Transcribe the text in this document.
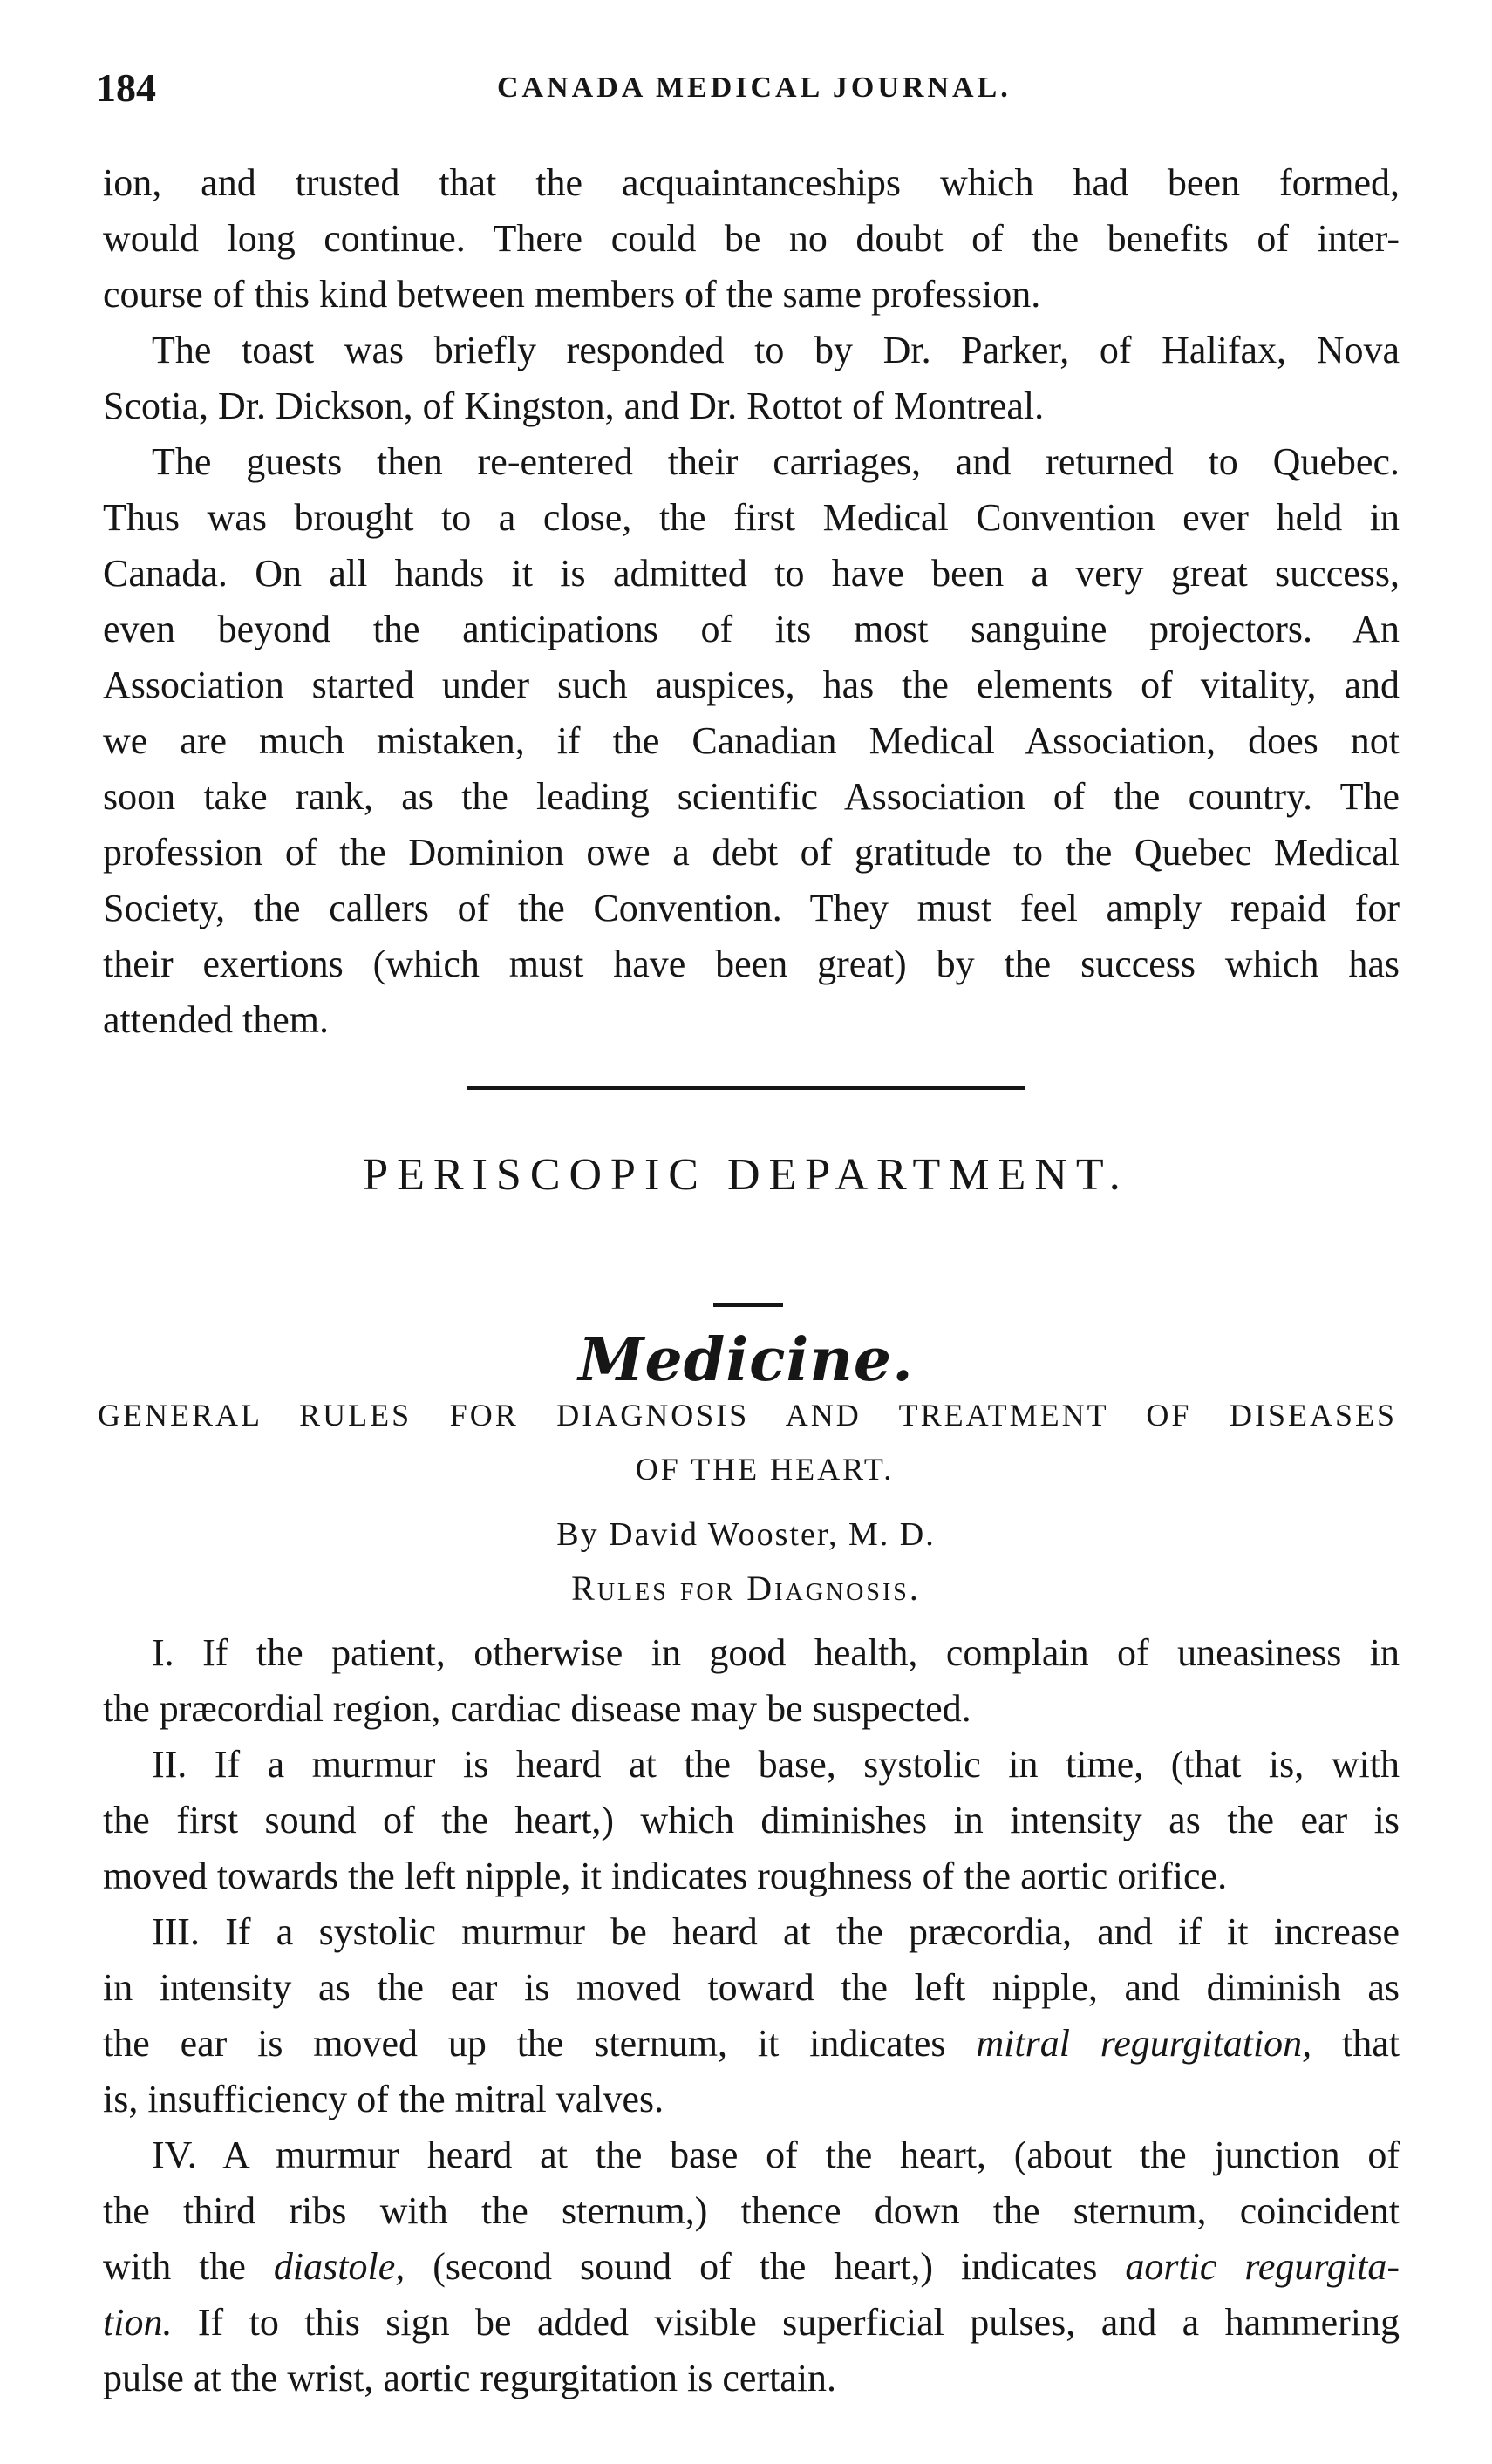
184	CANADA MEDICAL JOURNAL.

ion, and trusted that the acquaintanceships which had been formed,
would long continue. There could be no doubt of the benefits of inter-
course of this kind between members of the same profession.

The toast was briefly responded to by Dr. Parker, of Halifax, Nova
Scotia, Dr. Dickson, of Kingston, and Dr. Rottot of Montreal.

The guests then re-entered their carriages, and returned to Quebec.
Thus was brought to a close, the first Medical Convention ever held in
Canada. On all hands it is admitted to have been a very great success,
even beyond the anticipations of its most sanguine projectors. An
Association started under such auspices, has the elements of vitality, and
we are much mistaken, if the Canadian Medical Association, does not
soon take rank, as the leading scientific Association of the country. The
profession of the Dominion owe a debt of gratitude to the Quebec Medical
Society, the callers of the Convention. They must feel amply repaid for
their exertions (which must have been great) by the success which has
attended them.

PERISCOPIC DEPARTMENT.
Medicine.
GENERAL RULES FOR DIAGNOSIS AND TREATMENT OF DISEASES
OF THE HEART.
By David Wooster, M. D.
Rules for Diagnosis.

I. If the patient, otherwise in good health, complain of uneasiness in
the præcordial region, cardiac disease may be suspected.

II. If a murmur is heard at the base, systolic in time, (that is, with
the first sound of the heart,) which diminishes in intensity as the ear is
moved towards the left nipple, it indicates roughness of the aortic orifice.

III. If a systolic murmur be heard at the præcordia, and if it increase
in intensity as the ear is moved toward the left nipple, and diminish as
the ear is moved up the sternum, it indicates mitral regurgitation, that
is, insufficiency of the mitral valves.

IV. A murmur heard at the base of the heart, (about the junction of
the third ribs with the sternum,) thence down the sternum, coincident
with the diastole, (second sound of the heart,) indicates aortic regurgita-
tion. If to this sign be added visible superficial pulses, and a hammering
pulse at the wrist, aortic regurgitation is certain.
